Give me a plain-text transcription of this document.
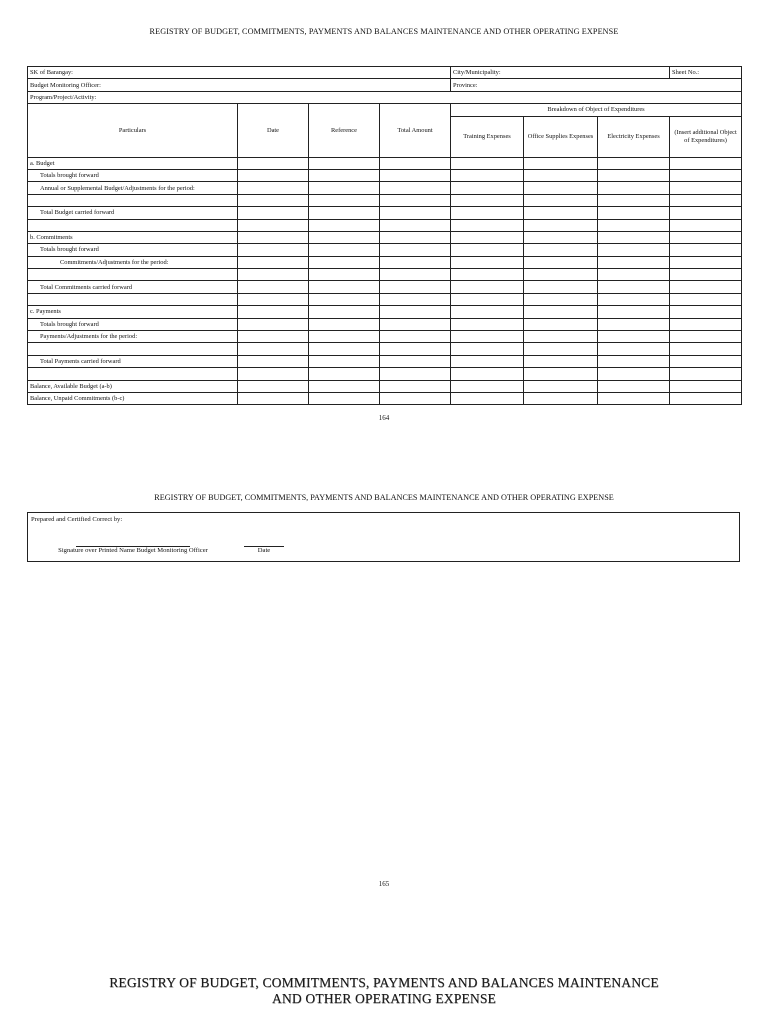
REGISTRY OF BUDGET, COMMITMENTS, PAYMENTS AND BALANCES MAINTENANCE AND OTHER OPERATING EXPENSE
SK of Barangay:				City/Municipality:			Sheet No.:
Budget Monitoring Officer:				Province:			
Program/Project/Activity:							
Particulars	Date	Reference	Total Amount	Breakdown of Object of Expenditures			
				Training Expenses	Office Supplies Expenses	Electricity Expenses	(Insert additional Object of Expenditures)
a. Budget							
Totals brought forward							
Annual or Supplemental Budget/Adjustments for the period:							

Total Budget carried forward							

b. Commitments							
Totals brought forward							
Commitments/Adjustments for the period:							

Total Commitments carried forward							

c. Payments							
Totals brought forward							
Payments/Adjustments for the period:							

Total Payments carried forward							

Balance, Available Budget (a-b)							
Balance, Unpaid Commitments (b-c)							
164
REGISTRY OF BUDGET, COMMITMENTS, PAYMENTS AND BALANCES MAINTENANCE AND OTHER OPERATING EXPENSE
Prepared and Certified Correct by:
Signature over Printed Name Budget Monitoring Officer	Date
165
REGISTRY OF BUDGET, COMMITMENTS, PAYMENTS AND BALANCES MAINTENANCE
AND OTHER OPERATING EXPENSE
